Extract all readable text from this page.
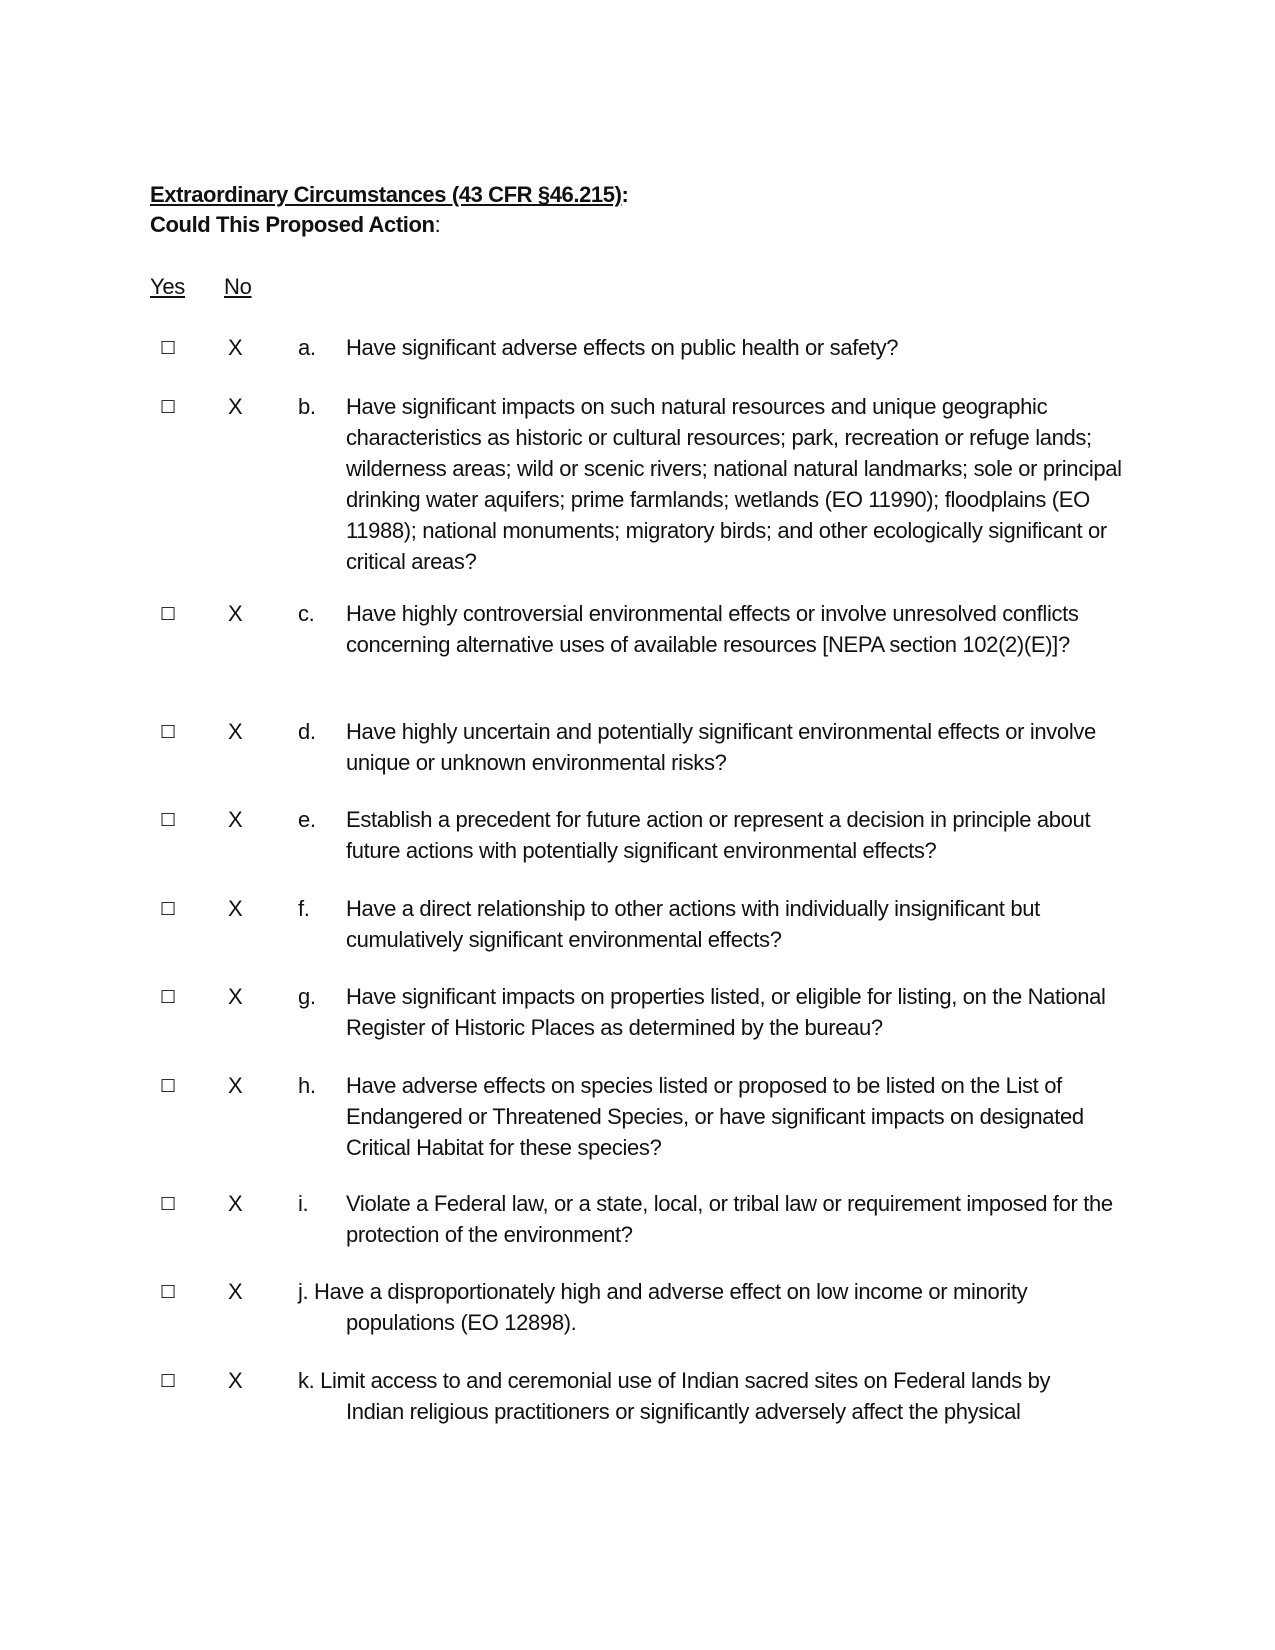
Extraordinary Circumstances (43 CFR §46.215):
Could This Proposed Action:
Yes No
□ X	a. Have significant adverse effects on public health or safety?
□ X	b. Have significant impacts on such natural resources and unique geographic characteristics as historic or cultural resources; park, recreation or refuge lands; wilderness areas; wild or scenic rivers; national natural landmarks; sole or principal drinking water aquifers; prime farmlands; wetlands (EO 11990); floodplains (EO 11988); national monuments; migratory birds; and other ecologically significant or critical areas?
□ X	c. Have highly controversial environmental effects or involve unresolved conflicts concerning alternative uses of available resources [NEPA section 102(2)(E)]?
□ X	d. Have highly uncertain and potentially significant environmental effects or involve unique or unknown environmental risks?
□ X	e. Establish a precedent for future action or represent a decision in principle about future actions with potentially significant environmental effects?
□ X	f. Have a direct relationship to other actions with individually insignificant but cumulatively significant environmental effects?
□ X	g. Have significant impacts on properties listed, or eligible for listing, on the National Register of Historic Places as determined by the bureau?
□ X	h. Have adverse effects on species listed or proposed to be listed on the List of Endangered or Threatened Species, or have significant impacts on designated Critical Habitat for these species?
□ X	i. Violate a Federal law, or a state, local, or tribal law or requirement imposed for the protection of the environment?
□ X	j. Have a disproportionately high and adverse effect on low income or minority
populations (EO 12898).
□ X	k. Limit access to and ceremonial use of Indian sacred sites on Federal lands by
Indian religious practitioners or significantly adversely affect the physical
